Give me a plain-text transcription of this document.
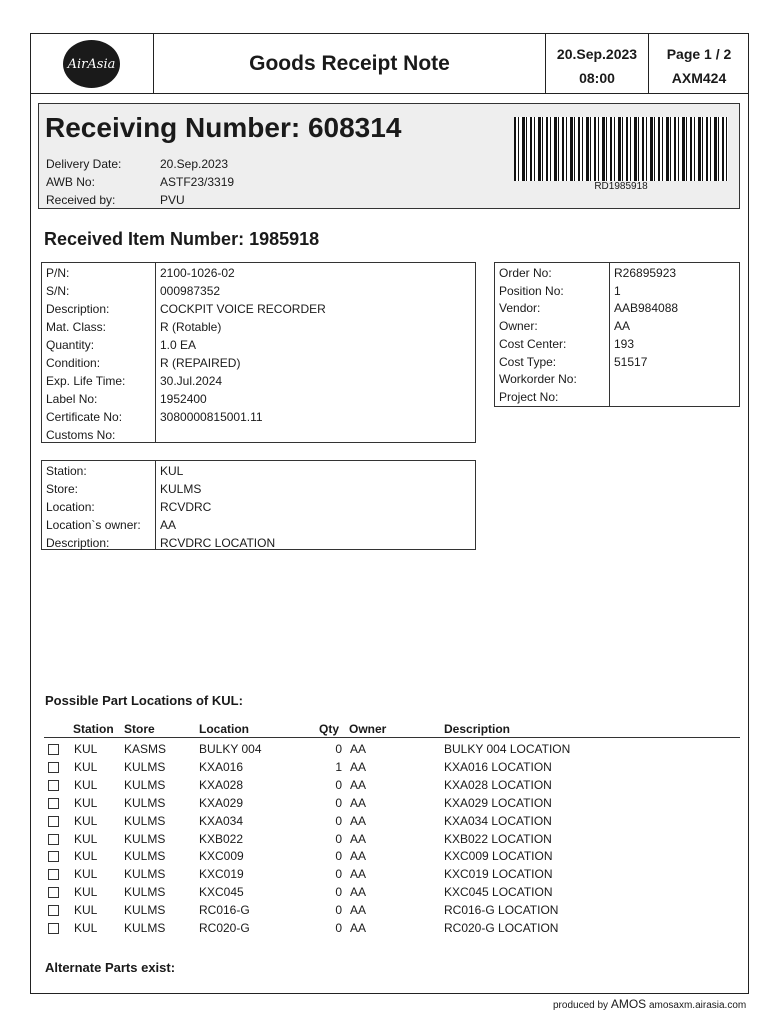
AirAsia	Goods Receipt Note	20.Sep.2023
08:00
Page 1 / 2
AXM424
Receiving Number: 608314
Delivery Date:	20.Sep.2023
AWB No:	ASTF23/3319
Received by:	PVU
RD1985918
Received Item Number: 1985918
P/N:	2100-1026-02
S/N:	000987352
Description:	COCKPIT VOICE RECORDER
Mat. Class:	R (Rotable)
Quantity:	1.0 EA
Condition:	R (REPAIRED)
Exp. Life Time:	30.Jul.2024
Label No:	1952400
Certificate No:	3080000815001.11
Customs No:
Order No:	R26895923
Position No:	1
Vendor:	AAB984088
Owner:	AA
Cost Center:	193
Cost Type:	51517
Workorder No:
Project No:
Station:	KUL
Store:	KULMS
Location:	RCVDRC
Location`s owner: AA
Description:	RCVDRC LOCATION
Possible Part Locations of KUL:
Station Store	Location	Qty Owner	Description
KUL KASMS	BULKY 004	0 AA	BULKY 004 LOCATION
KUL KULMS	KXA016	1 AA	KXA016 LOCATION
KUL KULMS	KXA028	0 AA	KXA028 LOCATION
KUL KULMS	KXA029	0 AA	KXA029 LOCATION
KUL KULMS	KXA034	0 AA	KXA034 LOCATION
KUL KULMS	KXB022	0 AA	KXB022 LOCATION
KUL KULMS	KXC009	0 AA	KXC009 LOCATION
KUL KULMS	KXC019	0 AA	KXC019 LOCATION
KUL KULMS	KXC045	0 AA	KXC045 LOCATION
KUL KULMS	RC016-G	0 AA	RC016-G LOCATION
KUL KULMS	RC020-G	0 AA	RC020-G LOCATION
Alternate Parts exist:
produced by AMOS amosaxm.airasia.com
